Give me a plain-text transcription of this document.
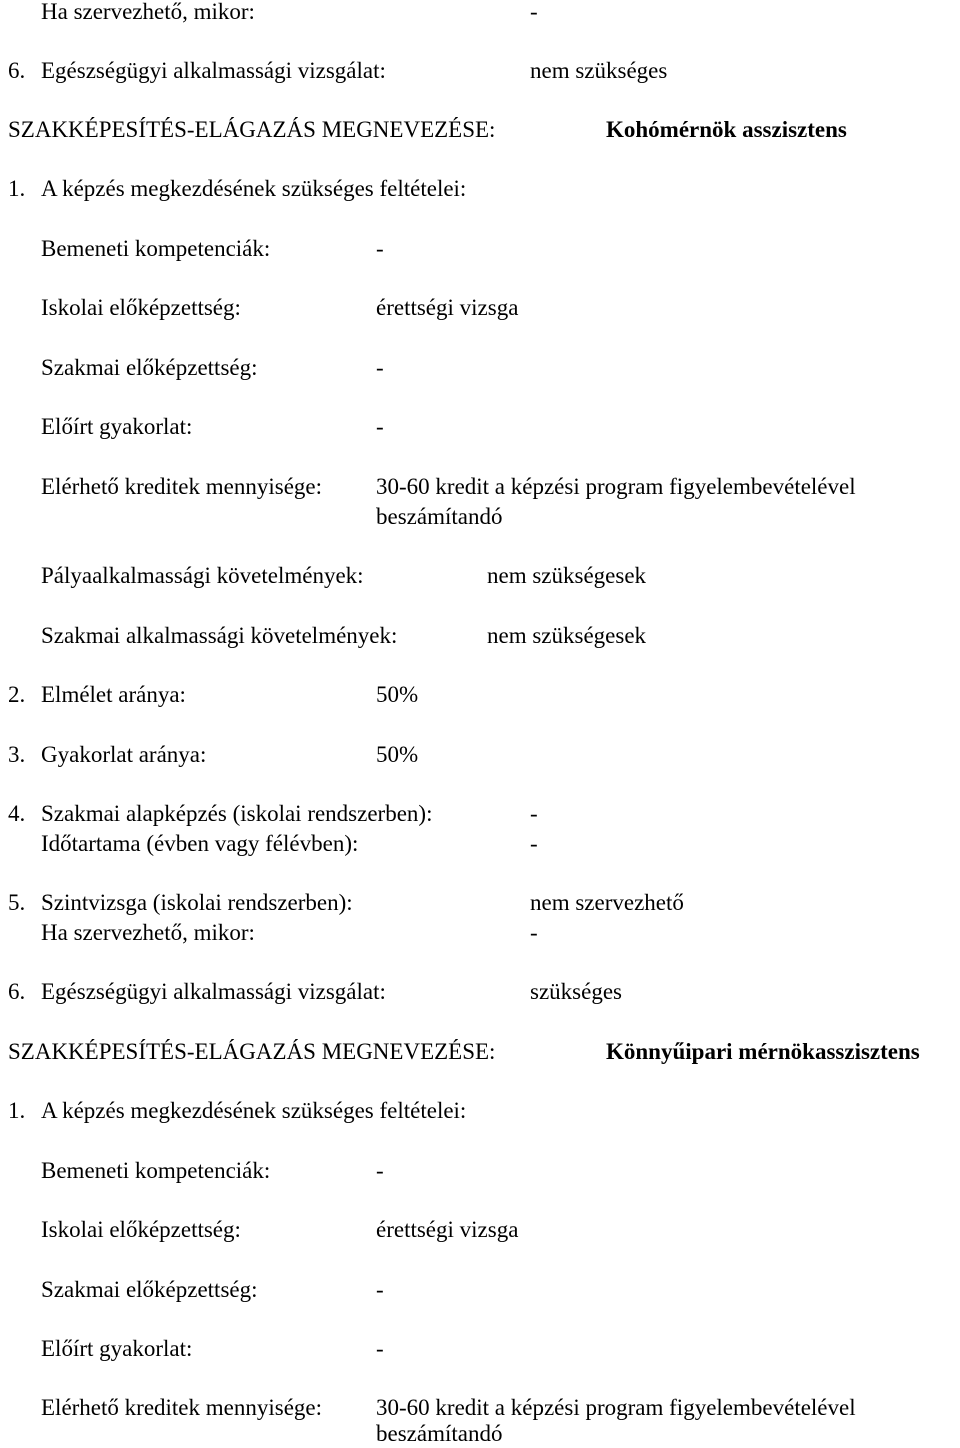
Ha szervezhető, mikor:	-
6. Egészségügyi alkalmassági vizsgálat:	nem szükséges
SZAKKÉPESÍTÉS-ELÁGAZÁS MEGNEVEZÉSE:	Kohómérnök asszisztens
1. A képzés megkezdésének szükséges feltételei:
Bemeneti kompetenciák:	-
Iskolai előképzettség:	érettségi vizsga
Szakmai előképzettség:	-
Előírt gyakorlat:	-
Elérhető kreditek mennyisége: 30-60 kredit a képzési program figyelembevételével
beszámítandó
Pályaalkalmassági követelmények:	nem szükségesek
Szakmai alkalmassági követelmények:	nem szükségesek
2. Elmélet aránya:	50%
3. Gyakorlat aránya:	50%
4. Szakmai alapképzés (iskolai rendszerben):	-
Időtartama (évben vagy félévben):	-
5. Szintvizsga (iskolai rendszerben):	nem szervezhető
Ha szervezhető, mikor:	-
6. Egészségügyi alkalmassági vizsgálat:	szükséges
SZAKKÉPESÍTÉS-ELÁGAZÁS MEGNEVEZÉSE:	Könnyűipari mérnökasszisztens
1. A képzés megkezdésének szükséges feltételei:
Bemeneti kompetenciák:	-
Iskolai előképzettség:	érettségi vizsga
Szakmai előképzettség:	-
Előírt gyakorlat:	-
Elérhető kreditek mennyisége: 30-60 kredit a képzési program figyelembevételével
beszámítandó
